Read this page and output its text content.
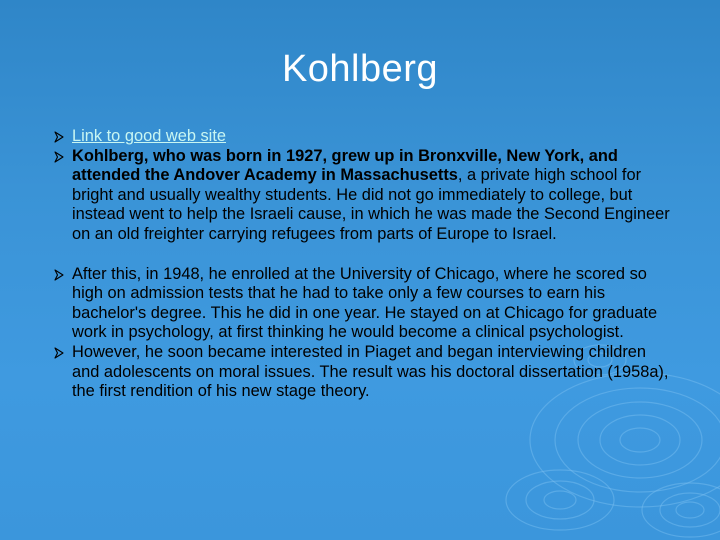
Kohlberg
Link to good web site
Kohlberg, who was born in 1927, grew up in Bronxville, New York, and attended the Andover Academy in Massachusetts, a private high school for bright and usually wealthy students. He did not go immediately to college, but instead went to help the Israeli cause, in which he was made the Second Engineer on an old freighter carrying refugees from parts of Europe to Israel.
After this, in 1948, he enrolled at the University of Chicago, where he scored so high on admission tests that he had to take only a few courses to earn his bachelor's degree. This he did in one year. He stayed on at Chicago for graduate work in psychology, at first thinking he would become a clinical psychologist.
However, he soon became interested in Piaget and began interviewing children and adolescents on moral issues. The result was his doctoral dissertation (1958a), the first rendition of his new stage theory.
